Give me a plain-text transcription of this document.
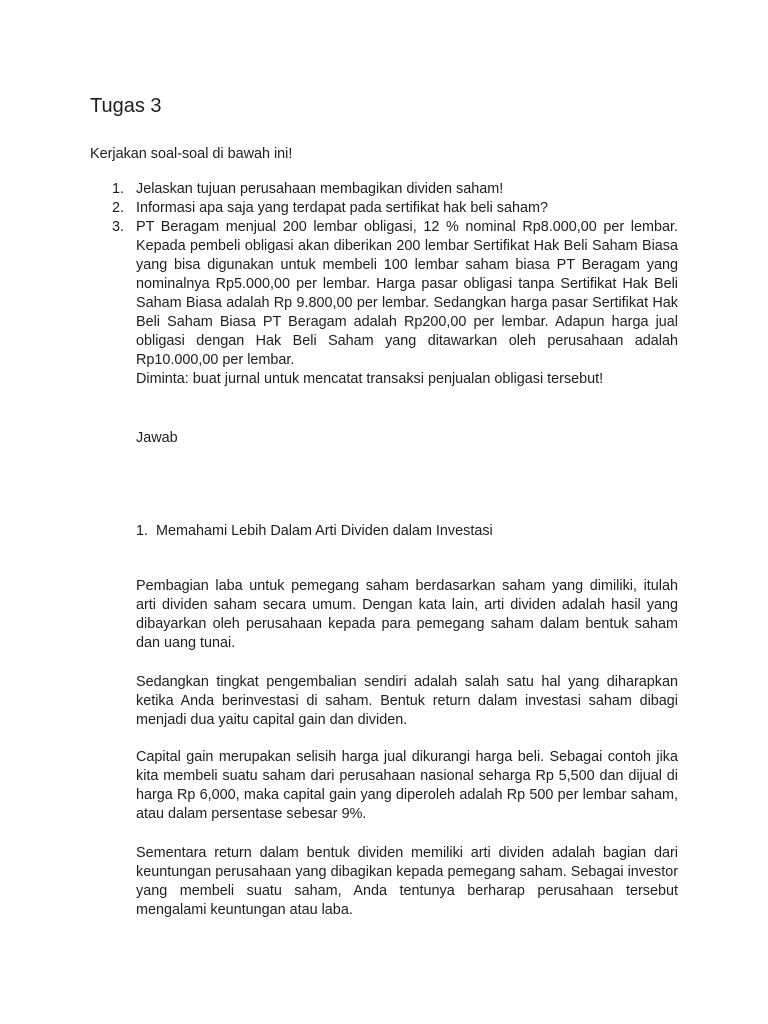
Tugas 3

Kerjakan soal-soal di bawah ini!

1. Jelaskan tujuan perusahaan membagikan dividen saham!
2. Informasi apa saja yang terdapat pada sertifikat hak beli saham?
3. PT Beragam menjual 200 lembar obligasi, 12 % nominal Rp8.000,00 per lembar. Kepada pembeli obligasi akan diberikan 200 lembar Sertifikat Hak Beli Saham Biasa yang bisa digunakan untuk membeli 100 lembar saham biasa PT Beragam yang nominalnya Rp5.000,00 per lembar. Harga pasar obligasi tanpa Sertifikat Hak Beli Saham Biasa adalah Rp 9.800,00 per lembar. Sedangkan harga pasar Sertifikat Hak Beli Saham Biasa PT Beragam adalah Rp200,00 per lembar. Adapun harga jual obligasi dengan Hak Beli Saham yang ditawarkan oleh perusahaan adalah Rp10.000,00 per lembar.
Diminta: buat jurnal untuk mencatat transaksi penjualan obligasi tersebut!

Jawab

1. Memahami Lebih Dalam Arti Dividen dalam Investasi

Pembagian laba untuk pemegang saham berdasarkan saham yang dimiliki, itulah arti dividen saham secara umum. Dengan kata lain, arti dividen adalah hasil yang dibayarkan oleh perusahaan kepada para pemegang saham dalam bentuk saham dan uang tunai.

Sedangkan tingkat pengembalian sendiri adalah salah satu hal yang diharapkan ketika Anda berinvestasi di saham. Bentuk return dalam investasi saham dibagi menjadi dua yaitu capital gain dan dividen.

Capital gain merupakan selisih harga jual dikurangi harga beli. Sebagai contoh jika kita membeli suatu saham dari perusahaan nasional seharga Rp 5,500 dan dijual di harga Rp 6,000, maka capital gain yang diperoleh adalah Rp 500 per lembar saham, atau dalam persentase sebesar 9%.

Sementara return dalam bentuk dividen memiliki arti dividen adalah bagian dari keuntungan perusahaan yang dibagikan kepada pemegang saham. Sebagai investor yang membeli suatu saham, Anda tentunya berharap perusahaan tersebut mengalami keuntungan atau laba.
